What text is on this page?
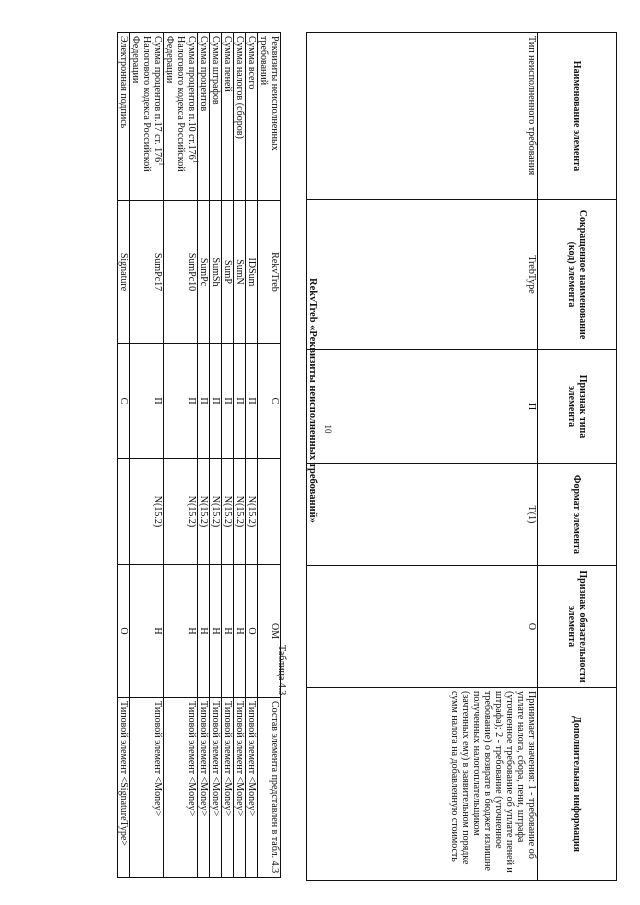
10
Реквизиты неисполненных требований	RekvTreb	С		ОМ	Состав элемента представлен в табл. 4.3
Сумма всего	IDSum	П	N(15.2)	О	Типовой элемент <Money>
Сумма налогов (сборов)	SumN	П	N(15.2)	Н	Типовой элемент <Money>
Сумма пеней	SumP	П	N(15.2)	Н	Типовой элемент <Money>
Сумма штрафов	SumSh	П	N(15.2)	Н	Типовой элемент <Money>
Сумма процентов	SumPc	П	N(15.2)	Н	Типовой элемент <Money>
Сумма процентов п.10 ст.176$^1$ Налогового кодекса Российской Федерации	SumPc10	П	N(15.2)	Н	Типовой элемент <Money>
Сумма процентов п.17 ст. $176^1$ Налогового кодекса Российской Федерации	SumPc17	П	N(15.2)	Н	Типовой элемент <Money>
Электронная подпись	Signature	С		О	Типовой элемент <SignatureType>
Таблица 4.3
RekvTreb «Реквизиты неисполненных требований»
Наименование элемента	Сокращенное наименование (код) элемента	Признак типа элемента	Формат элемента	Признак обязательности элемента	Дополнительная информация
Тип неисполненного требования	TrebType	П	T(1)	О	Принимает значения: 1 - требование об уплате налога, сбора, пени, штрафа (уточненное требование об уплате пеней и штрафа); 2 - требование (уточненное требование) о возврате в бюджет излишне полученных налогоплательщиком (зачтенных ему) в заявительном порядке сумм налога на добавленную стоимость
